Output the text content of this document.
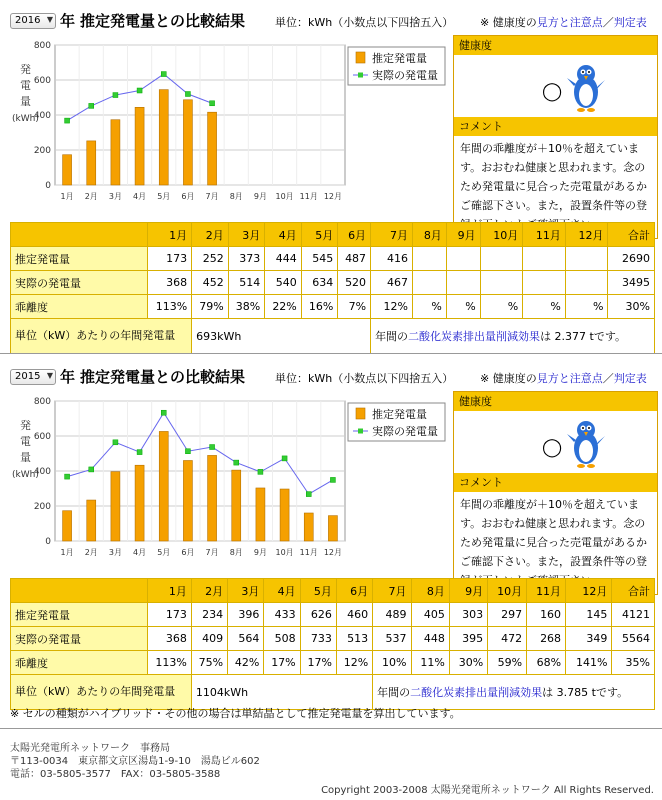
2016 ▼ 年 推定発電量との比較結果	単位：kWh（小数点以下四捨五入） ※ 健康度の見方と注意点／判定表
0
200
400
600
800
発
電
量
(kWh)
1月 2月 3月 4月 5月 6月 7月 8月 9月 10月 11月 12月
推定発電量
実際の発電量
健康度
◯
コメント
年間の乖離度が＋10％を超えています。おおむね健康と思われます。念のため発電量に見合った売電量があるかご確認下さい。また，設置条件等の登
	1月	2月	3月	4月	5月	6月	7月	8月	9月	10月	11月	12月	合計
推定発電量	173	252	373	444	545	487	416						2690
実際の発電量	368	452	514	540	634	520	467						3495
乖離度	113%	79%	38%	22%	16%	7%	12%	%	%	%	%	%	30%
単位（kW）あたりの年間発電量		693kWh					年間の二酸化炭素排出量削減効果は 2.377 tです。						
2015 ▼ 年 推定発電量との比較結果	単位：kWh（小数点以下四捨五入） ※ 健康度の見方と注意点／判定表
0
200
400
600
800
発
電
量
(kWh)
1月 2月 3月 4月 5月 6月 7月 8月 9月 10月 11月 12月
推定発電量
実際の発電量
健康度
◯
コメント
年間の乖離度が＋10％を超えています。おおむね健康と思われます。念のため発電量に見合った売電量があるかご確認下さい。また，設置条件等の登
	1月	2月	3月	4月	5月	6月	7月	8月	9月	10月	11月	12月	合計
推定発電量	173	234	396	433	626	460	489	405	303	297	160	145	4121
実際の発電量	368	409	564	508	733	513	537	448	395	472	268	349	5564
乖離度	113%	75%	42%	17%	17%	12%	10%	11%	30%	59%	68%	141%	35%
単位（kW）あたりの年間発電量		1104kWh					年間の二酸化炭素排出量削減効果は 3.785 tです。						
※ セルの種類がハイブリッド・その他の場合は単結晶として推定発電量を算出しています。
太陽光発電所ネットワーク　事務局
〒113-0034　東京都文京区湯島1-9-10　湯島ビル602
電話：03-5805-3577　FAX：03-5805-3588
Copyright 2003-2008 太陽光発電所ネットワーク All Rights Reserved.
